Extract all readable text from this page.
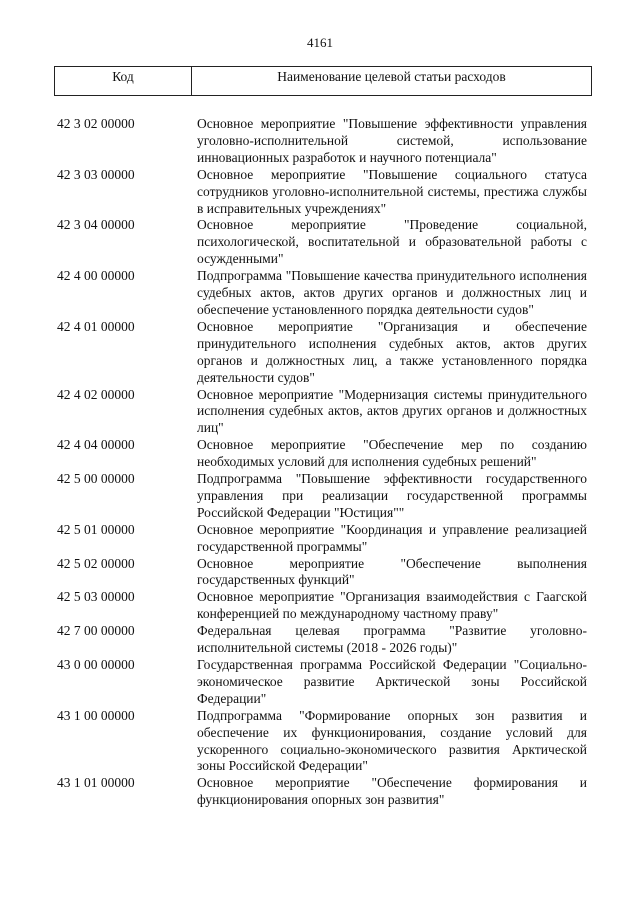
4161
Код	Наименование целевой статьи расходов
42 3 02 00000	Основное мероприятие "Повышение эффективности управления уголовно-исполнительной системой, использование инновационных разработок и научного потенциала"
42 3 03 00000	Основное мероприятие "Повышение социального статуса сотрудников уголовно-исполнительной системы, престижа службы в исправительных учреждениях"
42 3 04 00000	Основное мероприятие "Проведение социальной, психологической, воспитательной и образовательной работы с осужденными"
42 4 00 00000	Подпрограмма "Повышение качества принудительного исполнения судебных актов, актов других органов и должностных лиц и обеспечение установленного порядка деятельности судов"
42 4 01 00000	Основное мероприятие "Организация и обеспечение принудительного исполнения судебных актов, актов других органов и должностных лиц, а также установленного порядка деятельности судов"
42 4 02 00000	Основное мероприятие "Модернизация системы принудительного исполнения судебных актов, актов других органов и должностных лиц"
42 4 04 00000	Основное мероприятие "Обеспечение мер по созданию необходимых условий для исполнения судебных решений"
42 5 00 00000	Подпрограмма "Повышение эффективности государственного управления при реализации государственной программы Российской Федерации "Юстиция""
42 5 01 00000	Основное мероприятие "Координация и управление реализацией государственной программы"
42 5 02 00000	Основное мероприятие "Обеспечение выполнения государственных функций"
42 5 03 00000	Основное мероприятие "Организация взаимодействия с Гаагской конференцией по международному частному праву"
42 7 00 00000	Федеральная целевая программа "Развитие уголовно-исполнительной системы (2018 - 2026 годы)"
43 0 00 00000	Государственная программа Российской Федерации "Социально-экономическое развитие Арктической зоны Российской Федерации"
43 1 00 00000	Подпрограмма "Формирование опорных зон развития и обеспечение их функционирования, создание условий для ускоренного социально-экономического развития Арктической зоны Российской Федерации"
43 1 01 00000	Основное мероприятие "Обеспечение формирования и функционирования опорных зон развития"
